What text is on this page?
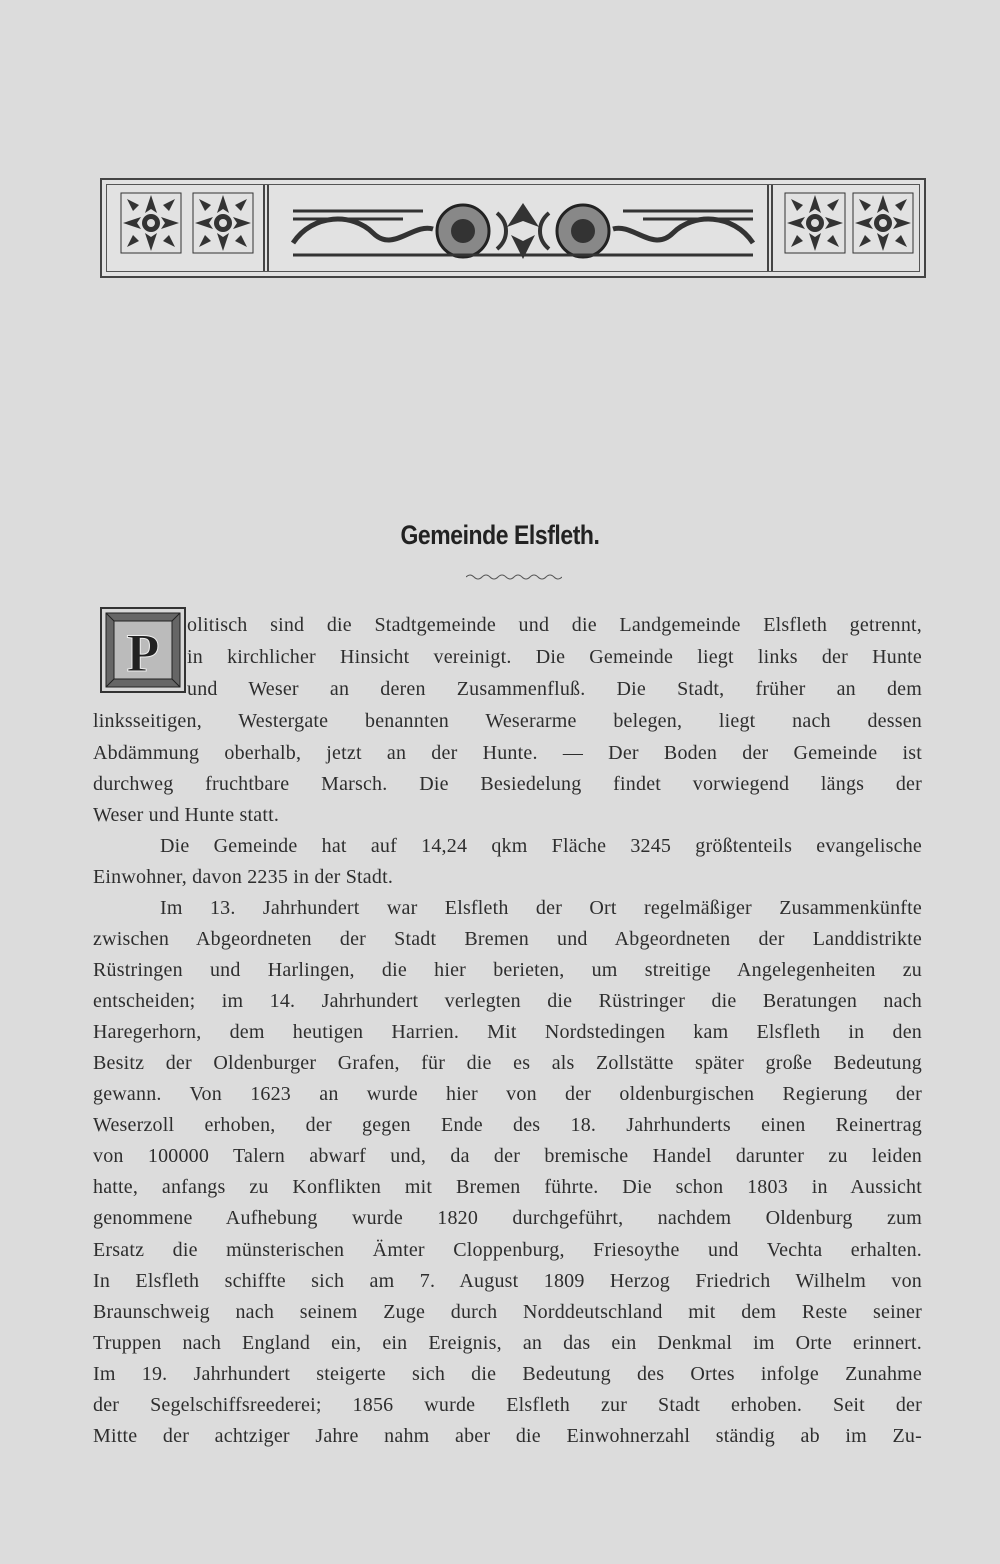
Gemeinde Elsfleth.
P olitisch sind die Stadtgemeinde und die Landgemeinde Elsfleth getrennt,
in kirchlicher Hinsicht vereinigt. Die Gemeinde liegt links der Hunte
und Weser an deren Zusammenfluß. Die Stadt, früher an dem
linksseitigen, Westergate benannten Weserarme belegen, liegt nach dessen
Abdämmung oberhalb, jetzt an der Hunte. — Der Boden der Gemeinde ist
durchweg fruchtbare Marsch. Die Besiedelung findet vorwiegend längs der
Weser und Hunte statt.
Die Gemeinde hat auf 14,24 qkm Fläche 3245 größtenteils evangelische
Einwohner, davon 2235 in der Stadt.
Im 13. Jahrhundert war Elsfleth der Ort regelmäßiger Zusammenkünfte
zwischen Abgeordneten der Stadt Bremen und Abgeordneten der Landdistrikte
Rüstringen und Harlingen, die hier berieten, um streitige Angelegenheiten zu
entscheiden; im 14. Jahrhundert verlegten die Rüstringer die Beratungen nach
Haregerhorn, dem heutigen Harrien. Mit Nordstedingen kam Elsfleth in den
Besitz der Oldenburger Grafen, für die es als Zollstätte später große Bedeutung
gewann. Von 1623 an wurde hier von der oldenburgischen Regierung der
Weserzoll erhoben, der gegen Ende des 18. Jahrhunderts einen Reinertrag
von 100000 Talern abwarf und, da der bremische Handel darunter zu leiden
hatte, anfangs zu Konflikten mit Bremen führte. Die schon 1803 in Aussicht
genommene Aufhebung wurde 1820 durchgeführt, nachdem Oldenburg zum
Ersatz die münsterischen Ämter Cloppenburg, Friesoythe und Vechta erhalten.
In Elsfleth schiffte sich am 7. August 1809 Herzog Friedrich Wilhelm von
Braunschweig nach seinem Zuge durch Norddeutschland mit dem Reste seiner
Truppen nach England ein, ein Ereignis, an das ein Denkmal im Orte erinnert.
Im 19. Jahrhundert steigerte sich die Bedeutung des Ortes infolge Zunahme
der Segelschiffsreederei; 1856 wurde Elsfleth zur Stadt erhoben. Seit der
Mitte der achtziger Jahre nahm aber die Einwohnerzahl ständig ab im Zu-
